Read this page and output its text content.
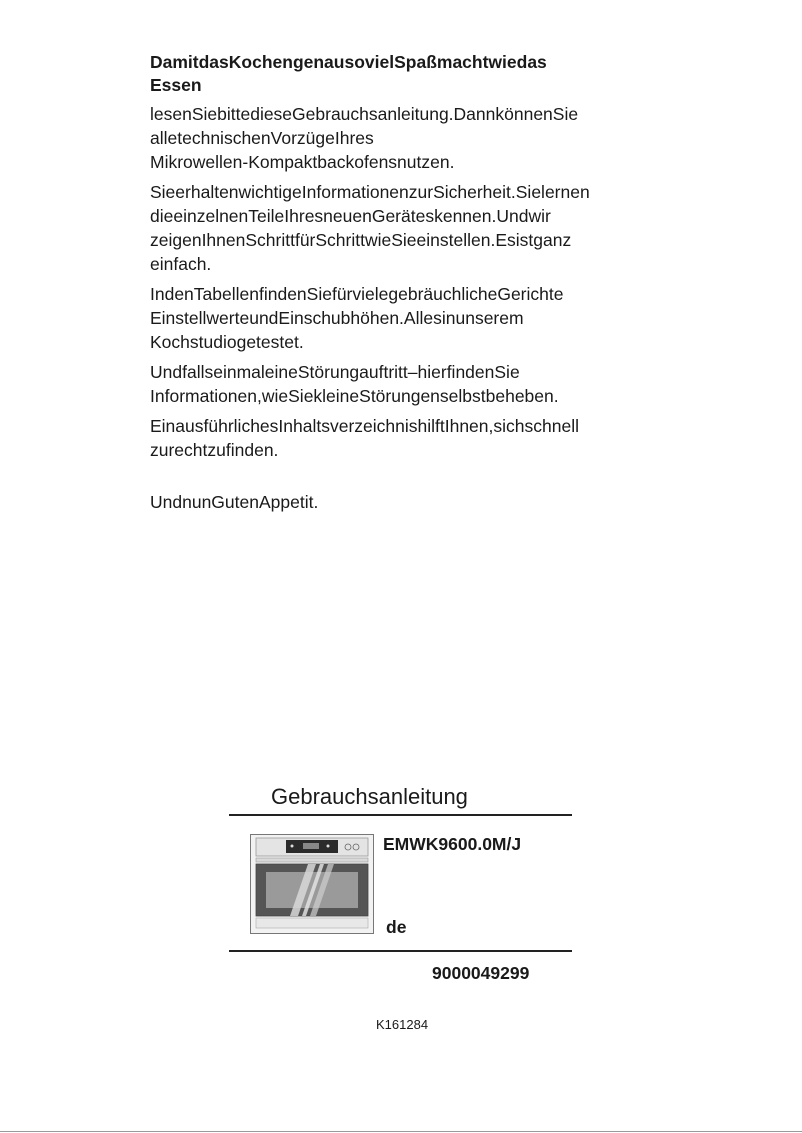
DamitdasKochengenausovielSpaßmachtwiedas
Essen
lesenSiebittedieseGebrauchsanleitung.DannkönnenSie
alletechnischenVorzügeIhres
Mikrowellen-Kompaktbackofensnutzen.
SieerhaltenwichtigeInformationenzurSicherheit.Sielernen
dieeinzelnenTeileIhresneuenGeräteskennen.Undwir
zeigenIhnenSchrittfürSchrittwieSieeinstellen.Esistganz
einfach.
IndenTabellenfindenSiefürvielegebräuchlicheGerichte
EinstellwerteundEinschubhöhen.Allesinunserem
Kochstudiogetestet.
UndfallseinmaleineStörungauftritt–hierfindenSie
Informationen,wieSiekleineStörungenselbstbeheben.
EinausführlichesInhaltsverzeichnishilftIhnen,sichschnell
zurechtzufinden.
UndnunGutenAppetit.
Gebrauchsanleitung
EMWK9600.0M/J
de
9000049299
K161284
